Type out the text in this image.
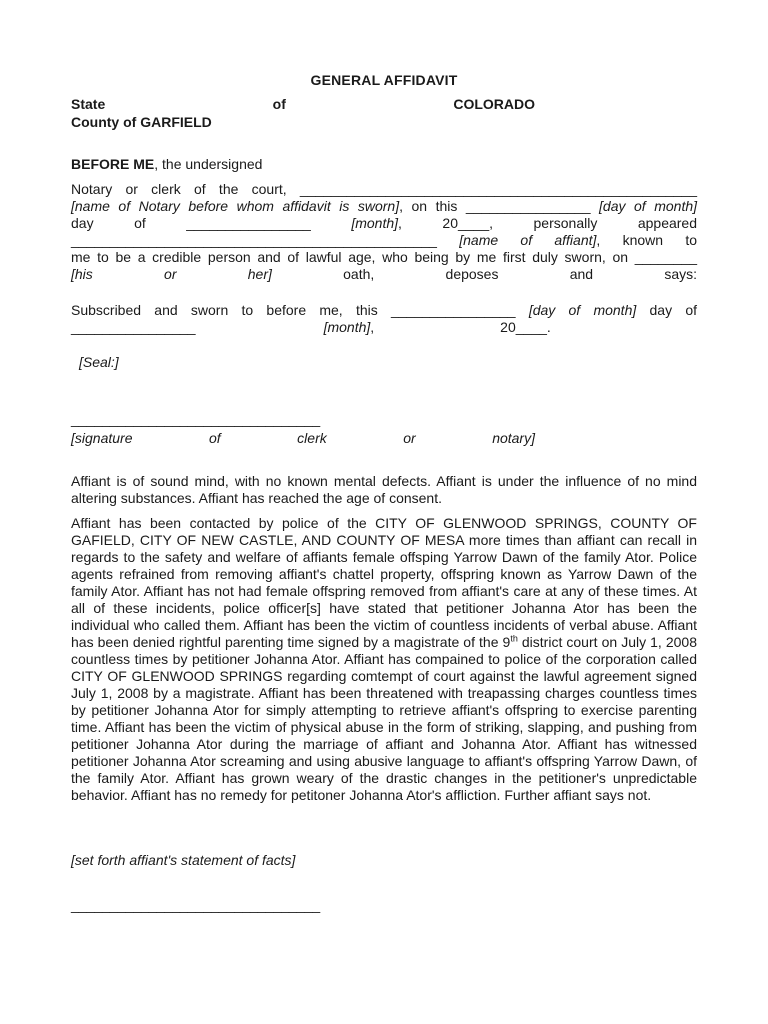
GENERAL AFFIDAVIT
State	of	COLORADO
County of GARFIELD
BEFORE ME, the undersigned
Notary or clerk of the court, ___________________________________________________
[name of Notary before whom affidavit is sworn], on this ________________ [day of month]
day of ________________	[month], 20____, personally appeared
_______________________________________________ [name of affiant], known to
me to be a credible person and of lawful age, who being by me first duly sworn, on ________
[his or her]	oath, deposes and says:
Subscribed and sworn to before me, this ________________ [day of month] day of
________________	[month],	20____.
[Seal:]
________________________________
[signature	of	clerk	or	notary]
Affiant is of sound mind, with no known mental defects. Affiant is under the influence of no mind altering substances. Affiant has reached the age of consent.
Affiant has been contacted by police of the CITY OF GLENWOOD SPRINGS, COUNTY OF GAFIELD, CITY OF NEW CASTLE, AND COUNTY OF MESA more times than affiant can recall in regards to the safety and welfare of affiants female offsping Yarrow Dawn of the family Ator. Police agents refrained from removing affiant's chattel property, offspring known as Yarrow Dawn of the family Ator. Affiant has not had female offspring removed from affiant's care at any of these times. At all of these incidents, police officer[s] have stated that petitioner Johanna Ator has been the individual who called them. Affiant has been the victim of countless incidents of verbal abuse. Affiant has been denied rightful parenting time signed by a magistrate of the 9th district court on July 1, 2008 countless times by petitioner Johanna Ator. Affiant has compained to police of the corporation called CITY OF GLENWOOD SPRINGS regarding comtempt of court against the lawful agreement signed July 1, 2008 by a magistrate. Affiant has been threatened with treapassing charges countless times by petitioner Johanna Ator for simply attempting to retrieve affiant's offspring to exercise parenting time. Affiant has been the victim of physical abuse in the form of striking, slapping, and pushing from petitioner Johanna Ator during the marriage of affiant and Johanna Ator. Affiant has witnessed petitioner Johanna Ator screaming and using abusive language to affiant's offspring Yarrow Dawn, of the family Ator. Affiant has grown weary of the drastic changes in the petitioner's unpredictable behavior. Affiant has no remedy for petitoner Johanna Ator's affliction. Further affiant says not.
[set forth affiant's statement of facts]
________________________________
